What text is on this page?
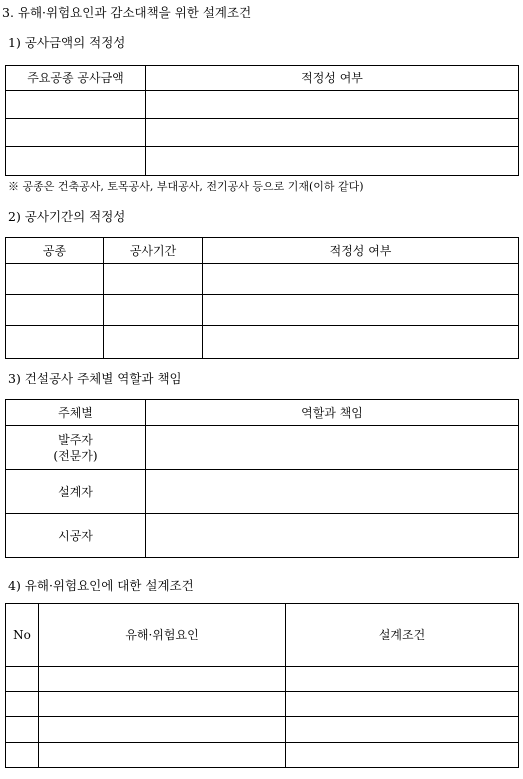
3. 유해·위험요인과 감소대책을 위한 설계조건
1) 공사금액의 적정성
주요공종 공사금액	적정성 여부

※ 공종은 건축공사, 토목공사, 부대공사, 전기공사 등으로 기재(이하 같다)
2) 공사기간의 적정성
공종	공사기간	적정성 여부

3) 건설공사 주체별 역할과 책임
주체별	역할과 책임

발주자
(전문가)	

설계자	

시공자	

4) 유해·위험요인에 대한 설계조건
No	유해·위험요인	설계조건
